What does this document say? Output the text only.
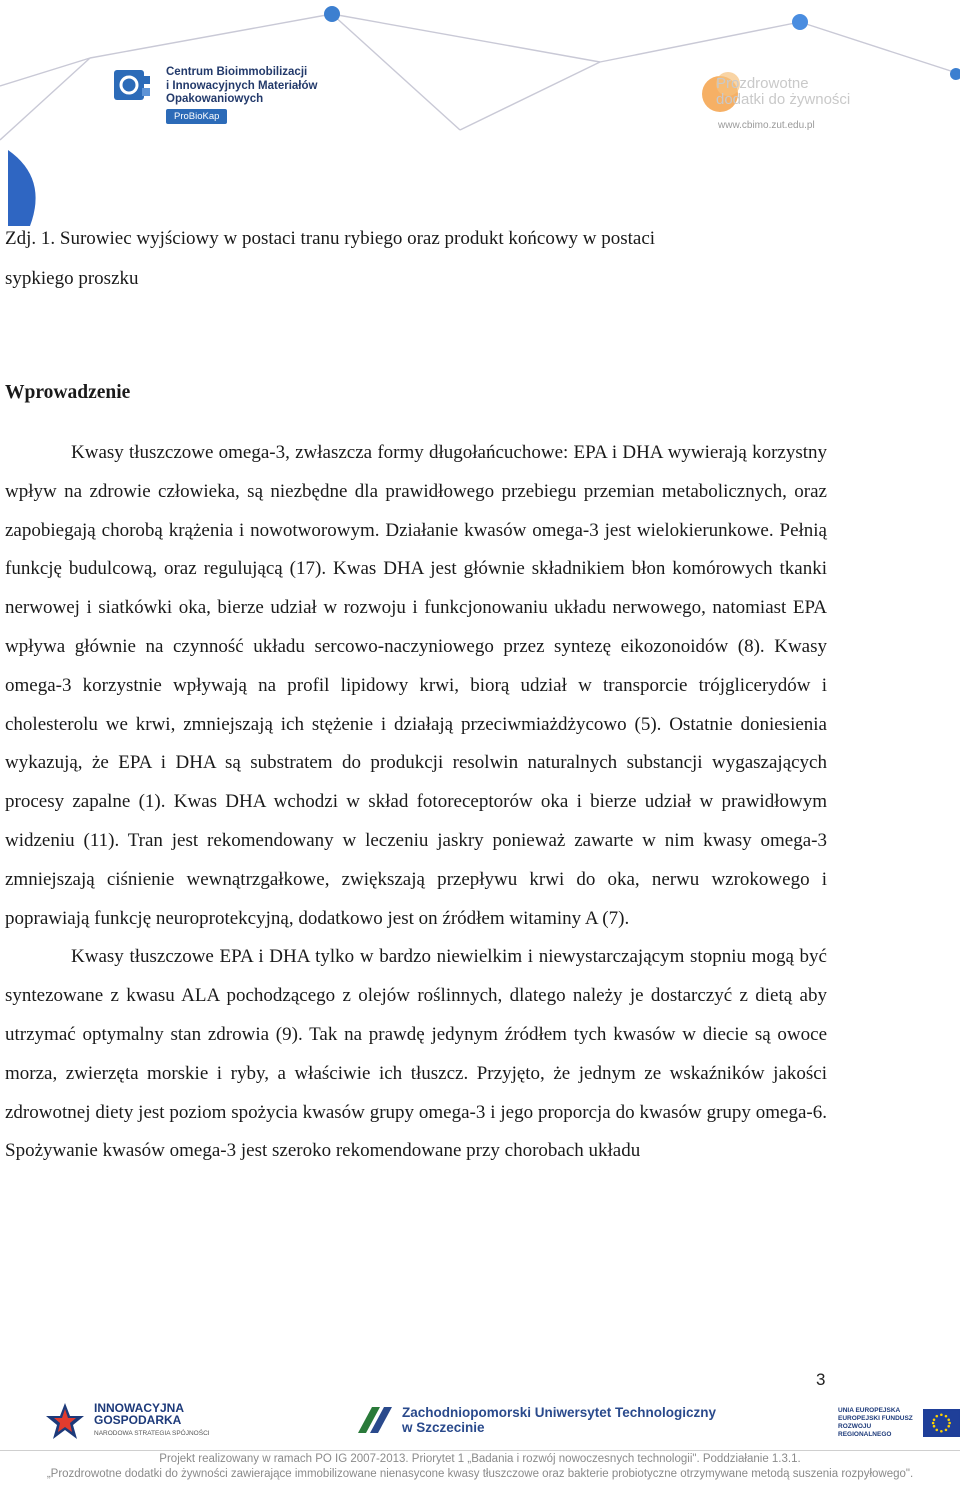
Centrum Bioimmobilizacji
i Innowacyjnych Materiałów
Opakowaniowych
ProBioKap
Prozdrowotne
dodatki do żywności
www.cbimo.zut.edu.pl
Zdj. 1. Surowiec wyjściowy w postaci tranu rybiego oraz produkt końcowy w postaci
sypkiego proszku
Wprowadzenie

Kwasy tłuszczowe omega-3, zwłaszcza formy długołańcuchowe: EPA i DHA wywierają korzystny wpływ na zdrowie człowieka, są niezbędne dla prawidłowego przebiegu przemian metabolicznych, oraz zapobiegają chorobą krążenia i nowotworowym. Działanie kwasów omega-3 jest wielokierunkowe. Pełnią funkcję budulcową, oraz regulującą (17). Kwas DHA jest głównie składnikiem błon komórowych tkanki nerwowej i siatkówki oka, bierze udział w rozwoju i funkcjonowaniu układu nerwowego, natomiast EPA wpływa głównie na czynność układu sercowo-naczyniowego przez syntezę eikozonoidów (8). Kwasy omega-3 korzystnie wpływają na profil lipidowy krwi, biorą udział w transporcie trójglicerydów i cholesterolu we krwi, zmniejszają ich stężenie i działają przeciwmiażdżycowo (5). Ostatnie doniesienia wykazują, że EPA i DHA są substratem do produkcji resolwin naturalnych substancji wygaszających procesy zapalne (1). Kwas DHA wchodzi w skład fotoreceptorów oka i bierze udział w prawidłowym widzeniu (11). Tran jest rekomendowany w leczeniu jaskry ponieważ zawarte w nim kwasy omega-3 zmniejszają ciśnienie wewnątrzgałkowe, zwiększają przepływu krwi do oka, nerwu wzrokowego i poprawiają funkcję neuroprotekcyjną, dodatkowo jest on źródłem witaminy A (7).

Kwasy tłuszczowe EPA i DHA tylko w bardzo niewielkim i niewystarczającym stopniu mogą być syntezowane z kwasu ALA pochodzącego z olejów roślinnych, dlatego należy je dostarczyć z dietą aby utrzymać optymalny stan zdrowia (9). Tak na prawdę jedynym źródłem tych kwasów w diecie są owoce morza, zwierzęta morskie i ryby, a właściwie ich tłuszcz. Przyjęto, że jednym ze wskaźników jakości zdrowotnej diety jest poziom spożycia kwasów grupy omega-3 i jego proporcja do kwasów grupy omega-6. Spożywanie kwasów omega-3 jest szeroko rekomendowane przy chorobach układu

3
INNOWACYJNA
GOSPODARKA
NARODOWA STRATEGIA SPÓJNOŚCI
Zachodniopomorski Uniwersytet Technologiczny
w Szczecinie
UNIA EUROPEJSKA
EUROPEJSKI FUNDUSZ
ROZWOJU REGIONALNEGO
Projekt realizowany w ramach PO IG 2007-2013. Priorytet 1 „Badania i rozwój nowoczesnych technologii". Poddziałanie 1.3.1.
„Prozdrowotne dodatki do żywności zawierające immobilizowane nienasycone kwasy tłuszczowe oraz bakterie probiotyczne otrzymywane metodą suszenia rozpyłowego".
